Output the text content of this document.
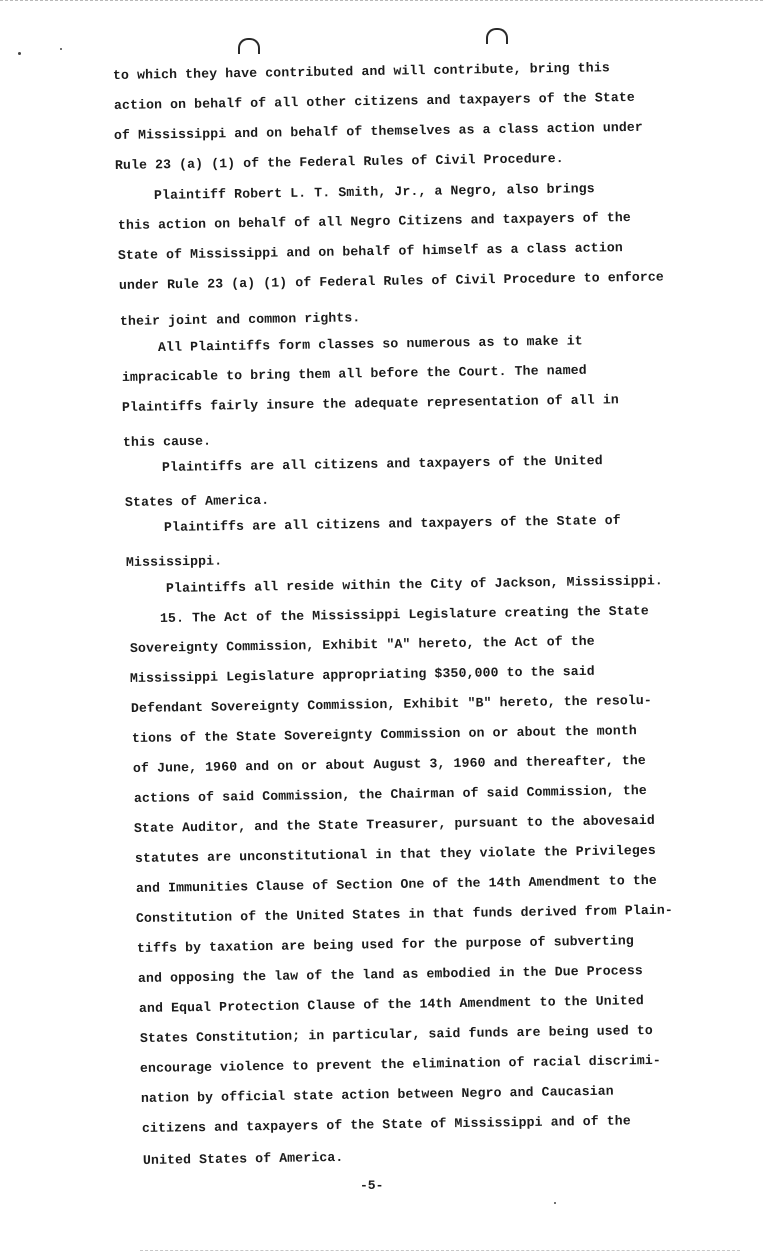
to which they have contributed and will contribute, bring this
action on behalf of all other citizens and taxpayers of the State
of Mississippi and on behalf of themselves as a class action under
Rule 23 (a) (1) of the Federal Rules of Civil Procedure.
Plaintiff Robert L. T. Smith, Jr., a Negro, also brings
this action on behalf of all Negro Citizens and taxpayers of the
State of Mississippi and on behalf of himself as a class action
under Rule 23 (a) (1) of Federal Rules of Civil Procedure to enforce
their joint and common rights.
All Plaintiffs form classes so numerous as to make it
impracicable to bring them all before the Court. The named
Plaintiffs fairly insure the adequate representation of all in
this cause.
Plaintiffs are all citizens and taxpayers of the United
States of America.
Plaintiffs are all citizens and taxpayers of the State of
Mississippi.
Plaintiffs all reside within the City of Jackson, Mississippi.
15. The Act of the Mississippi Legislature creating the State
Sovereignty Commission, Exhibit "A" hereto, the Act of the
Mississippi Legislature appropriating $350,000 to the said
Defendant Sovereignty Commission, Exhibit "B" hereto, the resolu-
tions of the State Sovereignty Commission on or about the month
of June, 1960 and on or about August 3, 1960 and thereafter, the
actions of said Commission, the Chairman of said Commission, the
State Auditor, and the State Treasurer, pursuant to the abovesaid
statutes are unconstitutional in that they violate the Privileges
and Immunities Clause of Section One of the 14th Amendment to the
Constitution of the United States in that funds derived from Plain-
tiffs by taxation are being used for the purpose of subverting
and opposing the law of the land as embodied in the Due Process
and Equal Protection Clause of the 14th Amendment to the United
States Constitution; in particular, said funds are being used to
encourage violence to prevent the elimination of racial discrimi-
nation by official state action between Negro and Caucasian
citizens and taxpayers of the State of Mississippi and of the
United States of America.
-5-
